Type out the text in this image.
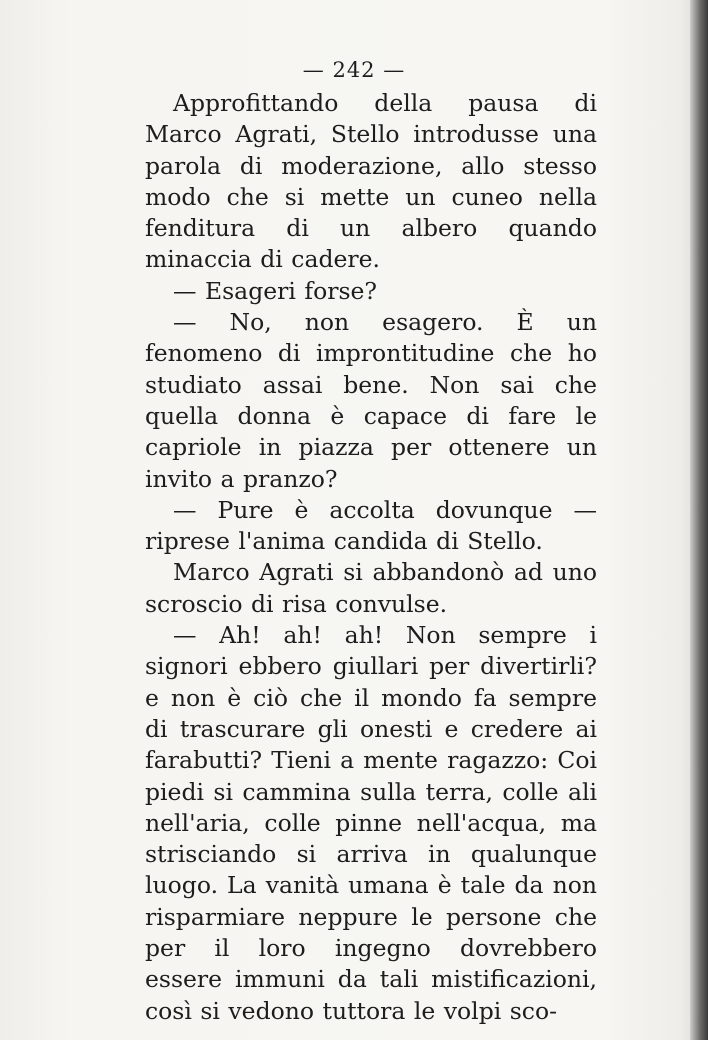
— 242 —

Approfittando della pausa di Marco Agrati, Stello introdusse una parola di moderazione, allo stesso modo che si mette un cuneo nella fenditura di un albero quando minaccia di cadere.

— Esageri forse?

— No, non esagero. È un fenomeno di improntitudine che ho studiato assai bene. Non sai che quella donna è capace di fare le capriole in piazza per ottenere un invito a pranzo?

— Pure è accolta dovunque — riprese l'anima candida di Stello.

Marco Agrati si abbandonò ad uno scroscio di risa convulse.

— Ah! ah! ah! Non sempre i signori ebbero giullari per divertirli? e non è ciò che il mondo fa sempre di trascurare gli onesti e credere ai farabutti? Tieni a mente ragazzo: Coi piedi si cammina sulla terra, colle ali nell'aria, colle pinne nell'acqua, ma strisciando si arriva in qualunque luogo. La vanità umana è tale da non risparmiare neppure le persone che per il loro ingegno dovrebbero essere immuni da tali mistificazioni, così si vedono tuttora le volpi sco-
